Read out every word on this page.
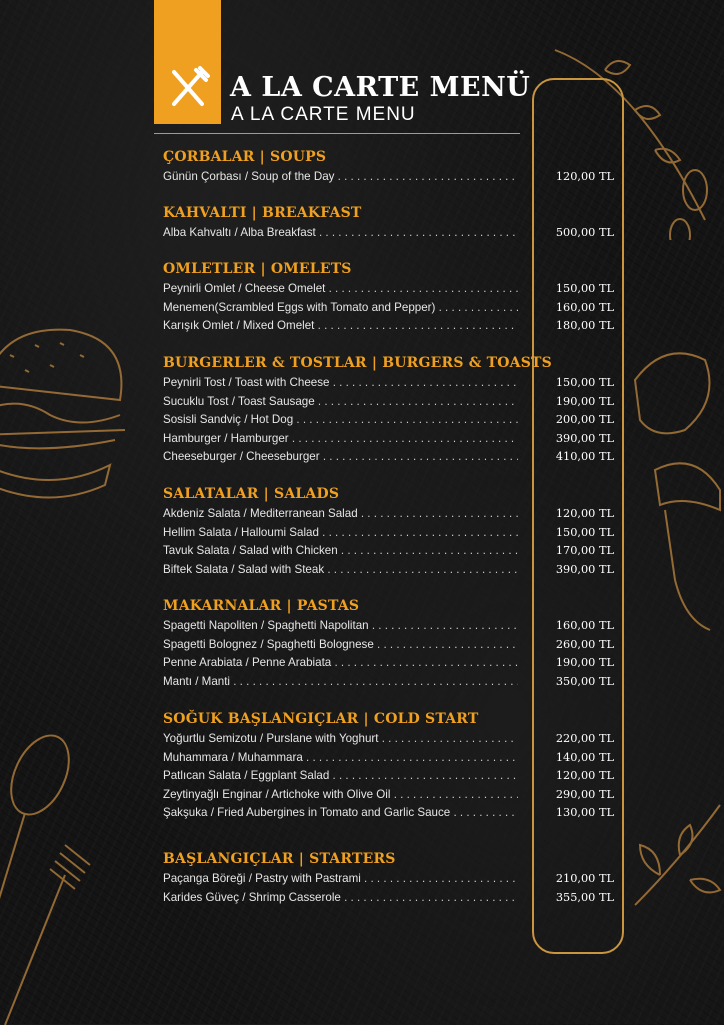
A LA CARTE MENÜ
A LA CARTE MENU
ÇORBALAR | SOUPS
Günün Çorbası / Soup of the Day . . .	120,00 TL
KAHVALTI | BREAKFAST
Alba Kahvaltı / Alba Breakfast . . .	500,00 TL
OMLETLER | OMELETS
Peynirli Omlet / Cheese Omelet . . .	150,00 TL
Menemen(Scrambled Eggs with Tomato and Pepper) . . .	160,00 TL
Karışık Omlet / Mixed Omelet . . .	180,00 TL
BURGERLER & TOSTLAR | BURGERS & TOASTS
Peynirli Tost / Toast with Cheese . . .	150,00 TL
Sucuklu Tost / Toast Sausage . . .	190,00 TL
Sosisli Sandviç / Hot Dog . . .	200,00 TL
Hamburger / Hamburger . . .	390,00 TL
Cheeseburger / Cheeseburger . . .	410,00 TL
SALATALAR | SALADS
Akdeniz Salata / Mediterranean Salad . . .	120,00 TL
Hellim Salata / Halloumi Salad . . .	150,00 TL
Tavuk Salata / Salad with Chicken . . .	170,00 TL
Biftek Salata / Salad with Steak . . .	390,00 TL
MAKARNALAR | PASTAS
Spagetti Napoliten / Spaghetti Napolitan . . .	160,00 TL
Spagetti Bolognez / Spaghetti Bolognese . . .	260,00 TL
Penne Arabiata / Penne Arabiata . . .	190,00 TL
Mantı / Manti . . .	350,00 TL
SOĞUK BAŞLANGIÇLAR | COLD START
Yoğurtlu Semizotu / Purslane with Yoghurt . . .	220,00 TL
Muhammara / Muhammara . . .	140,00 TL
Patlıcan Salata / Eggplant Salad . . .	120,00 TL
Zeytinyağlı Enginar / Artichoke with Olive Oil . . .	290,00 TL
Şakşuka / Fried Aubergines in Tomato and Garlic Sauce . . .	130,00 TL
BAŞLANGIÇLAR | STARTERS
Paçanga Böreği / Pastry with Pastrami . . .	210,00 TL
Karides Güveç / Shrimp Casserole . . .	355,00 TL
